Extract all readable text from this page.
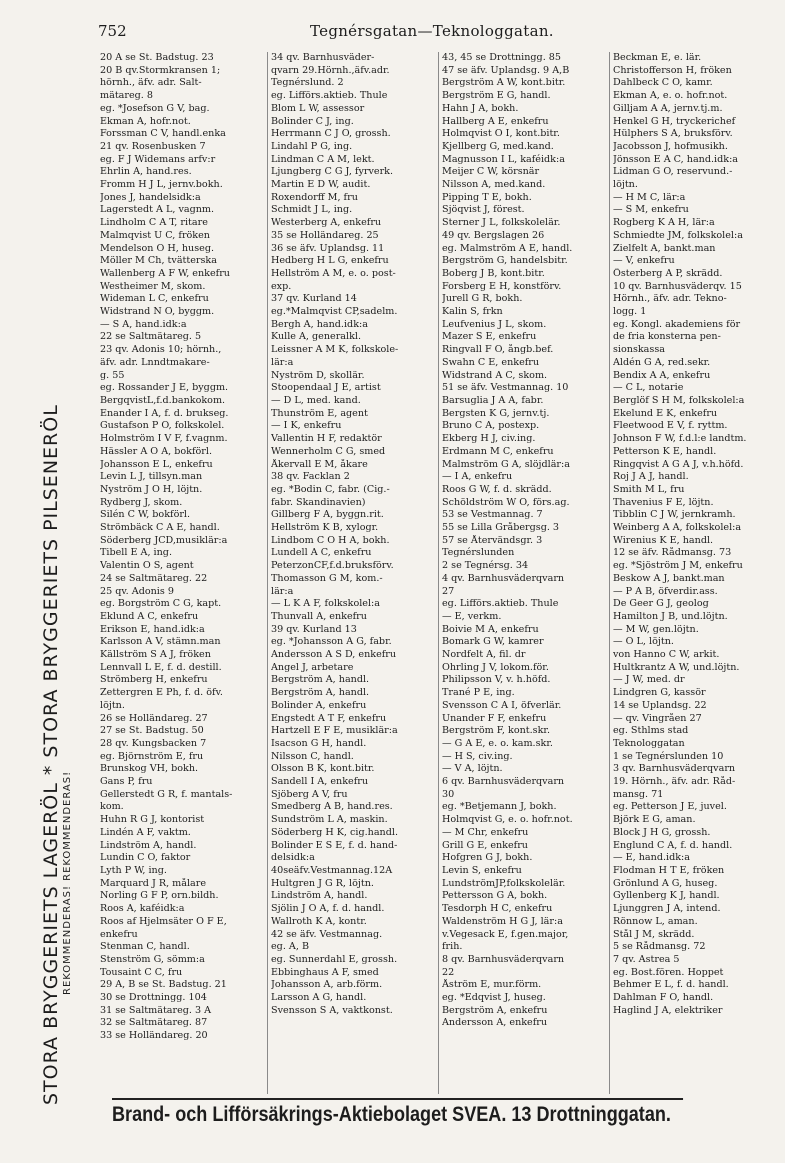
752	Tegnérsgatan—Teknologgatan.
STORA BRYGGERIETS LAGERÖL * STORA BRYGGERIETS PILSENERÖL REKOMMENDERAS! REKOMMENDERAS!
20 A se St. Badstug. 23
20 B qv.Stormkransen 1;
hörnh., äfv. adr. Salt-
mätareg. 8
eg. *Josefson G V, bag.
Ekman A, hofr.not.
Forssman C V, handl.enka
21 qv. Rosenbusken 7
eg. F J Widemans arfv:r
Ehrlin A, hand.res.
Fromm H J L, jernv.bokh.
Jones J, handelsidk:a
Lagerstedt A L, vagnm.
Lindholm C A T, ritare
Malmqvist U C, fröken
Mendelson O H, huseg.
Möller M Ch, tvätterska
Wallenberg A F W, enkefru
Westheimer M, skom.
Wideman L C, enkefru
Widstrand N O, byggm.
— S A, hand.idk:a
22 se Saltmätareg. 5
23 qv. Adonis 10; hörnh.,
äfv. adr. Lnndtmakare-
g. 55
eg. Rossander J E, byggm.
BergqvistL,f.d.bankokom.
Enander I A, f. d. brukseg.
Gustafson P O, folkskolel.
Holmström I V F, f.vagnm.
Hässler A O A, bokförl.
Johansson E L, enkefru
Levin L J, tillsyn.man
Nyström J O H, löjtn.
Rydberg J, skom.
Silén C W, bokförl.
Strömbäck C A E, handl.
Söderberg JCD,musiklär:a
Tibell E A, ing.
Valentin O S, agent
24 se Saltmätareg. 22
25 qv. Adonis 9
eg. Borgström C G, kapt.
Eklund A C, enkefru
Erikson E, hand.idk:a
Karlsson A V, stämn.man
Källström S A J, fröken
Lennvall L E, f. d. destill.
Strömberg H, enkefru
Zettergren E Ph, f. d. öfv.
löjtn.
26 se Holländareg. 27
27 se St. Badstug. 50
28 qv. Kungsbacken 7
eg. Björnström E, fru
Brunskog VH, bokh.
Gans P, fru
Gellerstedt G R, f. mantals-
kom.
Huhn R G J, kontorist
Lindén A F, vaktm.
Lindström A, handl.
Lundin C O, faktor
Lyth P W, ing.
Marquard J R, målare
Norling G F P, orn.bildh.
Roos A, kaféidk:a
Roos af Hjelmsäter O F E,
enkefru
Stenman C, handl.
Stenström G, sömm:a
Tousaint C C, fru
29 A, B se St. Badstug. 21
30 se Drottningg. 104
31 se Saltmätareg. 3 A
32 se Saltmätareg. 87
33 se Holländareg. 20
34 qv. Barnhusväder-
qvarn 29.Hörnh.,äfv.adr.
Tegnérslund. 2
eg. Lifförs.aktieb. Thule
Blom L W, assessor
Bolinder C J, ing.
Herrmann C J O, grossh.
Lindahl P G, ing.
Lindman C A M, lekt.
Ljungberg C G J, fyrverk.
Martin E D W, audit.
Roxendorff M, fru
Schmidt J L, ing.
Westerberg A, enkefru
35 se Holländareg. 25
36 se äfv. Uplandsg. 11
Hedberg H L G, enkefru
Hellström A M, e. o. post-
exp.
37 qv. Kurland 14
eg.*Malmqvist CP,sadelm.
Bergh A, hand.idk:a
Kulle A, generalkl.
Leissner A M K, folkskole-
lär:a
Nyström D, skollär.
Stoopendaal J E, artist
— D L, med. kand.
Thunström E, agent
— I K, enkefru
Vallentin H F, redaktör
Wennerholm C G, smed
Åkervall E M, åkare
38 qv. Facklan 2
eg. *Bodin C, fabr. (Cig.-
fabr. Skandinavien)
Gillberg F A, byggn.rit.
Hellström K B, xylogr.
Lindbom C O H A, bokh.
Lundell A C, enkefru
PeterzonCF,f.d.bruksförv.
Thomasson G M, kom.-
lär:a
— L K A F, folkskolel:a
Thunvall A, enkefru
39 qv. Kurland 13
eg. *Johansson A G, fabr.
Andersson A S D, enkefru
Angel J, arbetare
Bergström A, handl.
Bergström A, handl.
Bolinder A, enkefru
Engstedt A T F, enkefru
Hartzell E F E, musiklär:a
Isacson G H, handl.
Nilsson C, handl.
Olsson B K, kont.bitr.
Sandell I A, enkefru
Sjöberg A V, fru
Smedberg A B, hand.res.
Sundström L A, maskin.
Söderberg H K, cig.handl.
Bolinder E S E, f. d. hand-
delsidk:a
40seäfv.Vestmannag.12A
Hultgren J G R, löjtn.
Lindström A, handl.
Sjölin J O A, f. d. handl.
Wallroth K A, kontr.
42 se äfv. Vestmannag.
eg. A, B
eg. Sunnerdahl E, grossh.
Ebbinghaus A F, smed
Johansson A, arb.förm.
Larsson A G, handl.
Svensson S A, vaktkonst.
43, 45 se Drottningg. 85
47 se äfv. Uplandsg. 9 A,B
Bergström A W, kont.bitr.
Bergström E G, handl.
Hahn J A, bokh.
Hallberg A E, enkefru
Holmqvist O I, kont.bitr.
Kjellberg G, med.kand.
Magnusson I L, kaféidk:a
Meijer C W, körsnär
Nilsson A, med.kand.
Pipping T E, bokh.
Sjöqvist J, förest.
Sterner J L, folkskolelär.
49 qv. Bergslagen 26
eg. Malmström A E, handl.
Bergström G, handelsbitr.
Boberg J B, kont.bitr.
Forsberg E H, konstförv.
Jurell G R, bokh.
Kalin S, frkn
Leufvenius J L, skom.
Mazer S E, enkefru
Ringvall F O, ångb.bef.
Swahn C E, enkefru
Widstrand A C, skom.
51 se äfv. Vestmannag. 10
Barsuglia J A A, fabr.
Bergsten K G, jernv.tj.
Bruno C A, postexp.
Ekberg H J, civ.ing.
Erdmann M C, enkefru
Malmström G A, slöjdlär:a
— I A, enkefru
Roos G W, f. d. skrädd.
Schöldström W O, förs.ag.
53 se Vestmannag. 7
55 se Lilla Gråbergsg. 3
57 se Återvändsgr. 3
Tegnérslunden
2 se Tegnérsg. 34
4 qv. Barnhusväderqvarn
27
eg. Lifförs.aktieb. Thule
— E, verkm.
Boivie M A, enkefru
Bomark G W, kamrer
Nordfelt A, fil. dr
Ohrling J V, lokom.för.
Philipsson V, v. h.höfd.
Trané P E, ing.
Svensson C A I, öfverlär.
Unander F F, enkefru
Bergström F, kont.skr.
— G A E, e. o. kam.skr.
— H S, civ.ing.
— V A, löjtn.
6 qv. Barnhusväderqvarn
30
eg. *Betjemann J, bokh.
Holmqvist G, e. o. hofr.not.
— M Chr, enkefru
Grill G E, enkefru
Hofgren G J, bokh.
Levin S, enkefru
LundströmJP,folkskolelär.
Pettersson G A, bokh.
Tesdorph H C, enkefru
Waldenström H G J, lär:a
v.Vegesack E, f.gen.major,
frih.
8 qv. Barnhusväderqvarn
22
Åström E, mur.förm.
eg. *Edqvist J, huseg.
Bergström A, enkefru
Andersson A, enkefru
Beckman E, e. lär.
Christofferson H, fröken
Dahlbeck C O, kamr.
Ekman A, e. o. hofr.not.
Gilljam A A, jernv.tj.m.
Henkel G H, tryckerichef
Hülphers S A, bruksförv.
Jacobsson J, hofmusikh.
Jönsson E A C, hand.idk:a
Lidman G O, reservund.-
löjtn.
— H M C, lär:a
— S M, enkefru
Rogberg K A H, lär:a
Schmiedte JM, folkskolel:a
Zielfelt A, bankt.man
— V, enkefru
Österberg A P, skrädd.
10 qv. Barnhusväderqv. 15
Hörnh., äfv. adr. Tekno-
logg. 1
eg. Kongl. akademiens för
de fria konsterna pen-
sionskassa
Aldén G A, red.sekr.
Bendix A A, enkefru
— C L, notarie
Berglöf S H M, folkskolel:a
Ekelund E K, enkefru
Fleetwood E V, f. ryttm.
Johnson F W, f.d.l:e landtm.
Petterson K E, handl.
Ringqvist A G A J, v.h.höfd.
Roj J A J, handl.
Smith M L, fru
Thavenius F E, löjtn.
Tibblin C J W, jernkramh.
Weinberg A A, folkskolel:a
Wirenius K E, handl.
12 se äfv. Rådmansg. 73
eg. *Sjöström J M, enkefru
Beskow A J, bankt.man
— P A B, öfverdir.ass.
De Geer G J, geolog
Hamilton J B, und.löjtn.
— M W, gen.löjtn.
— O L, löjtn.
von Hanno C W, arkit.
Hultkrantz A W, und.löjtn.
— J W, med. dr
Lindgren G, kassör
14 se Uplandsg. 22
— qv. Vingråen 27
eg. Sthlms stad
Teknologgatan
1 se Tegnérslunden 10
3 qv. Barnhusväderqvarn
19. Hörnh., äfv. adr. Råd-
mansg. 71
eg. Petterson J E, juvel.
Björk E G, aman.
Block J H G, grossh.
Englund C A, f. d. handl.
— E, hand.idk:a
Flodman H T E, fröken
Grönlund A G, huseg.
Gyllenberg K J, handl.
Ljunggren J A, intend.
Rönnow L, aman.
Stål J M, skrädd.
5 se Rådmansg. 72
7 qv. Astrea 5
eg. Bost.fören. Hoppet
Behmer E L, f. d. handl.
Dahlman F O, handl.
Haglind J A, elektriker
Brand- och Lifförsäkrings-Aktiebolaget SVEA. 13 Drottninggatan.
